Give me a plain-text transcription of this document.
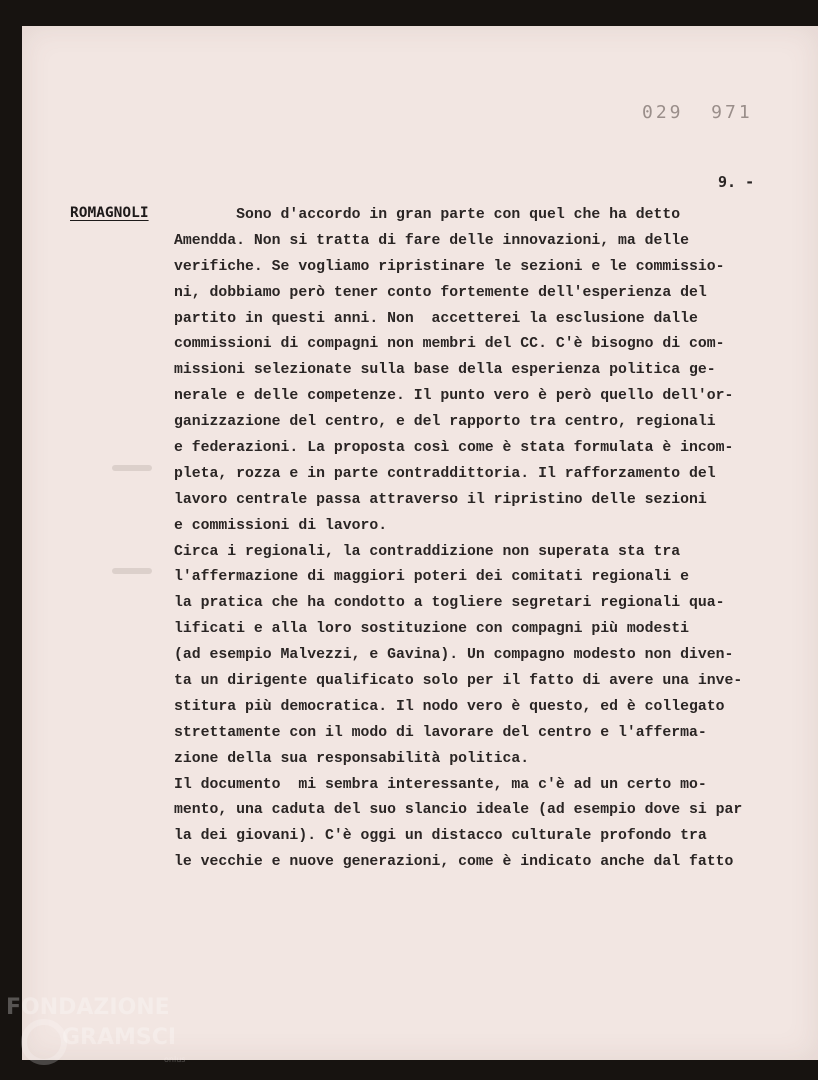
029  971
9. -
ROMAGNOLI Sono d'accordo in gran parte con quel che ha detto
Amendda. Non si tratta di fare delle innovazioni, ma delle
verifiche. Se vogliamo ripristinare le sezioni e le commissio-
ni, dobbiamo però tener conto fortemente dell'esperienza del
partito in questi anni. Non  accetterei la esclusione dalle
commissioni di compagni non membri del CC. C'è bisogno di com-
missioni selezionate sulla base della esperienza politica ge-
nerale e delle competenze. Il punto vero è però quello dell'or-
ganizzazione del centro, e del rapporto tra centro, regionali
e federazioni. La proposta così come è stata formulata è incom-
pleta, rozza e in parte contraddittoria. Il rafforzamento del
lavoro centrale passa attraverso il ripristino delle sezioni
e commissioni di lavoro.
Circa i regionali, la contraddizione non superata sta tra
l'affermazione di maggiori poteri dei comitati regionali e
la pratica che ha condotto a togliere segretari regionali qua-
lificati e alla loro sostituzione con compagni più modesti
(ad esempio Malvezzi, e Gavina). Un compagno modesto non diven-
ta un dirigente qualificato solo per il fatto di avere una inve-
stitura più democratica. Il nodo vero è questo, ed è collegato
strettamente con il modo di lavorare del centro e l'afferma-
zione della sua responsabilità politica.
Il documento  mi sembra interessante, ma c'è ad un certo mo-
mento, una caduta del suo slancio ideale (ad esempio dove si par
la dei giovani). C'è oggi un distacco culturale profondo tra
le vecchie e nuove generazioni, come è indicato anche dal fatto
FONDAZIONE
GRAMSCI
onlus
